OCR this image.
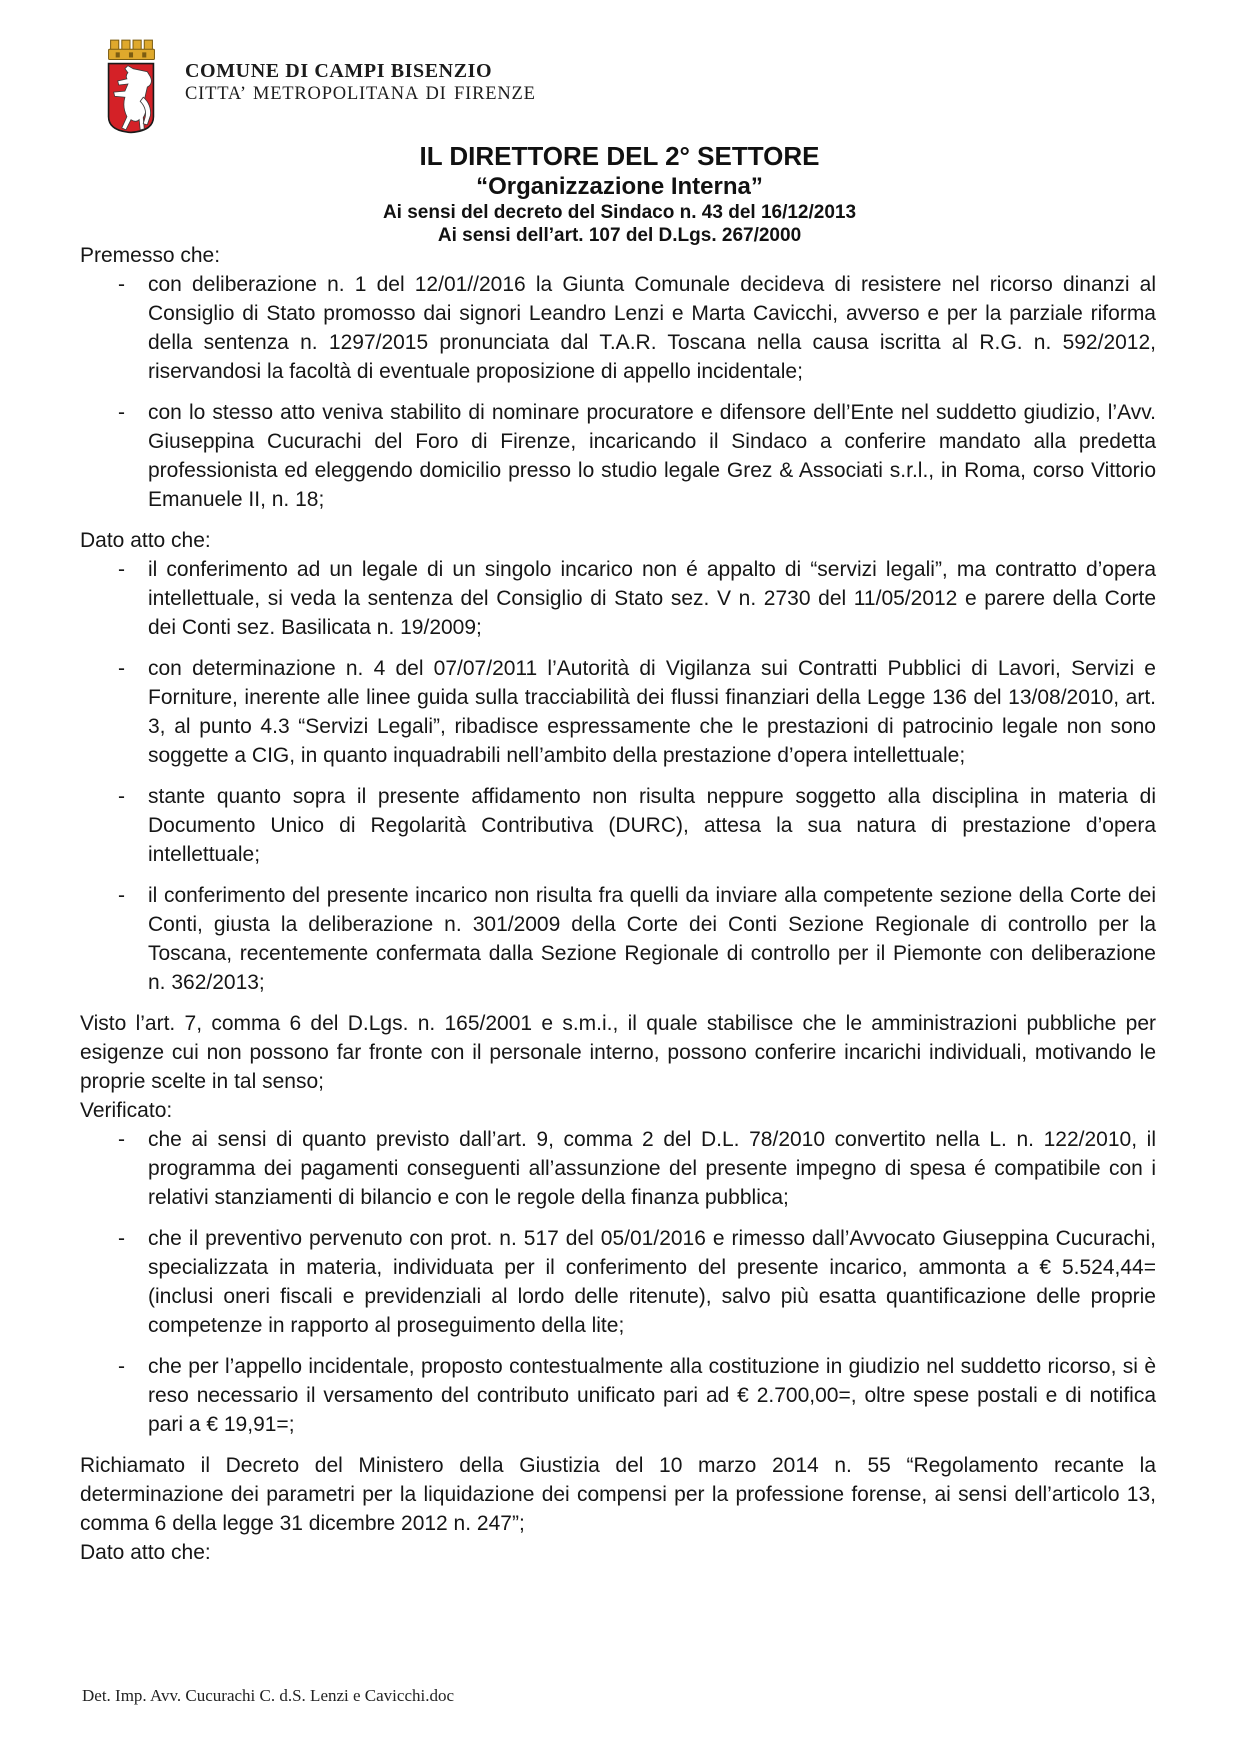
COMUNE DI CAMPI BISENZIO
CITTA’ METROPOLITANA DI FIRENZE

IL DIRETTORE DEL 2° SETTORE

“Organizzazione Interna”

Ai sensi del decreto del Sindaco n. 43 del 16/12/2013

Ai sensi dell’art. 107 del D.Lgs. 267/2000

Premesso che:

- con deliberazione n. 1 del 12/01//2016 la Giunta Comunale decideva di resistere nel ricorso dinanzi al Consiglio di Stato promosso dai signori Leandro Lenzi e Marta Cavicchi, avverso e per la parziale riforma della sentenza n. 1297/2015 pronunciata dal T.A.R. Toscana nella causa iscritta al R.G. n. 592/2012, riservandosi la facoltà di eventuale proposizione di appello incidentale;

- con lo stesso atto veniva stabilito di nominare procuratore e difensore dell’Ente nel suddetto giudizio, l’Avv. Giuseppina Cucurachi del Foro di Firenze, incaricando il Sindaco a conferire mandato alla predetta professionista ed eleggendo domicilio presso lo studio legale Grez & Associati s.r.l., in Roma, corso Vittorio Emanuele II, n. 18;

Dato atto che:

- il conferimento ad un legale di un singolo incarico non é appalto di “servizi legali”, ma contratto d’opera intellettuale, si veda la sentenza del Consiglio di Stato sez. V n. 2730 del 11/05/2012 e parere della Corte dei Conti sez. Basilicata n. 19/2009;

- con determinazione n. 4 del 07/07/2011 l’Autorità di Vigilanza sui Contratti Pubblici di Lavori, Servizi e Forniture, inerente alle linee guida sulla tracciabilità dei flussi finanziari della Legge 136 del 13/08/2010, art. 3, al punto 4.3 “Servizi Legali”, ribadisce espressamente che le prestazioni di patrocinio legale non sono soggette a CIG, in quanto inquadrabili nell’ambito della prestazione d’opera intellettuale;

- stante quanto sopra il presente affidamento non risulta neppure soggetto alla disciplina in materia di Documento Unico di Regolarità Contributiva (DURC), attesa la sua natura di prestazione d’opera intellettuale;

- il conferimento del presente incarico non risulta fra quelli da inviare alla competente sezione della Corte dei Conti, giusta la deliberazione n. 301/2009 della Corte dei Conti Sezione Regionale di controllo per la Toscana, recentemente confermata dalla Sezione Regionale di controllo per il Piemonte con deliberazione n. 362/2013;

Visto l’art. 7, comma 6 del D.Lgs. n. 165/2001 e s.m.i., il quale stabilisce che le amministrazioni pubbliche per esigenze cui non possono far fronte con il personale interno, possono conferire incarichi individuali, motivando le proprie scelte in tal senso;

Verificato:

- che ai sensi di quanto previsto dall’art. 9, comma 2 del D.L. 78/2010 convertito nella L. n. 122/2010, il programma dei pagamenti conseguenti all’assunzione del presente impegno di spesa é compatibile con i relativi stanziamenti di bilancio e con le regole della finanza pubblica;

- che il preventivo pervenuto con prot. n. 517 del 05/01/2016 e rimesso dall’Avvocato Giuseppina Cucurachi, specializzata in materia, individuata per il conferimento del presente incarico, ammonta a € 5.524,44= (inclusi oneri fiscali e previdenziali al lordo delle ritenute), salvo più esatta quantificazione delle proprie competenze in rapporto al proseguimento della lite;

- che per l’appello incidentale, proposto contestualmente alla costituzione in giudizio nel suddetto ricorso, si è reso necessario il versamento del contributo unificato pari ad € 2.700,00=, oltre spese postali e di notifica pari a € 19,91=;

Richiamato il Decreto del Ministero della Giustizia del 10 marzo 2014 n. 55 “Regolamento recante la determinazione dei parametri per la liquidazione dei compensi per la professione forense, ai sensi dell’articolo 13, comma 6 della legge 31 dicembre 2012 n. 247”;

Dato atto che:

Det. Imp. Avv. Cucurachi C. d.S. Lenzi e Cavicchi.doc
